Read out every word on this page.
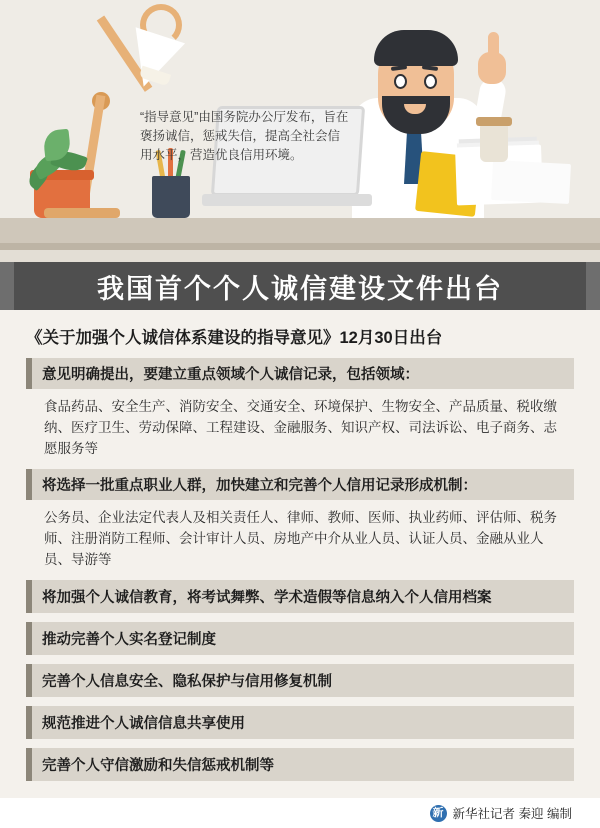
“指导意见”由国务院办公厅发布，旨在褒扬诚信，惩戒失信，提高全社会信用水平，营造优良信用环境。
我国首个个人诚信建设文件出台
《关于加强个人诚信体系建设的指导意见》12月30日出台
意见明确提出，要建立重点领域个人诚信记录，包括领域：
食品药品、安全生产、消防安全、交通安全、环境保护、生物安全、产品质量、税收缴纳、医疗卫生、劳动保障、工程建设、金融服务、知识产权、司法诉讼、电子商务、志愿服务等
将选择一批重点职业人群，加快建立和完善个人信用记录形成机制：
公务员、企业法定代表人及相关责任人、律师、教师、医师、执业药师、评估师、税务师、注册消防工程师、会计审计人员、房地产中介从业人员、认证人员、金融从业人员、导游等
将加强个人诚信教育，将考试舞弊、学术造假等信息纳入个人信用档案
推动完善个人实名登记制度
完善个人信息安全、隐私保护与信用修复机制
规范推进个人诚信信息共享使用
完善个人守信激励和失信惩戒机制等
新 新华社记者 秦迎 编制
